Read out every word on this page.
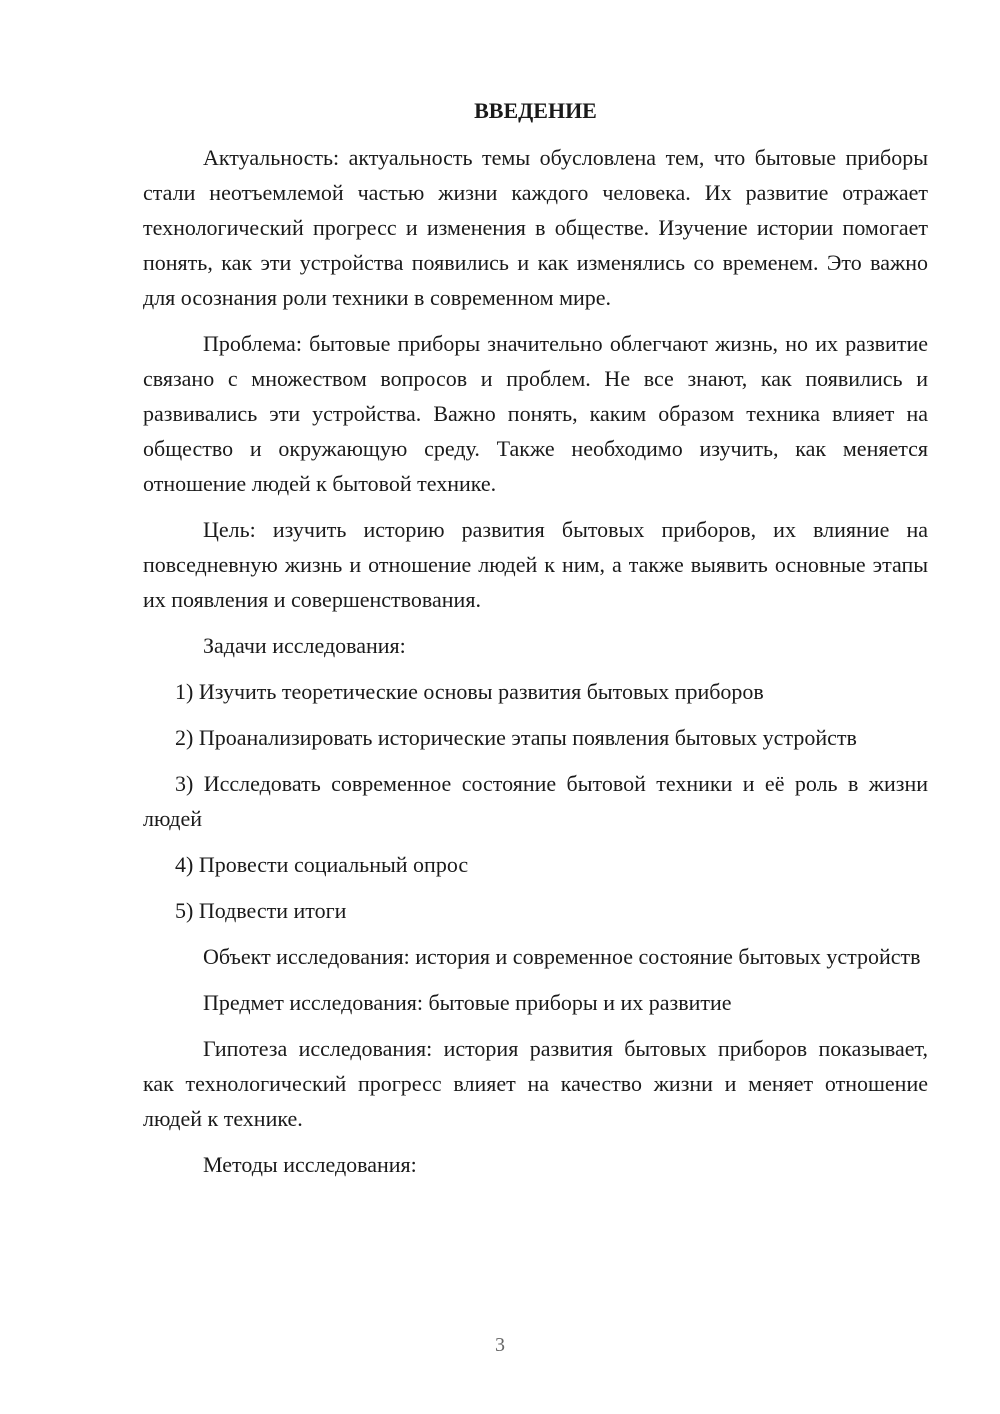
ВВЕДЕНИЕ

Актуальность: актуальность темы обусловлена тем, что бытовые приборы стали неотъемлемой частью жизни каждого человека. Их развитие отражает технологический прогресс и изменения в обществе. Изучение истории помогает понять, как эти устройства появились и как изменялись со временем. Это важно для осознания роли техники в современном мире.

Проблема: бытовые приборы значительно облегчают жизнь, но их развитие связано с множеством вопросов и проблем. Не все знают, как появились и развивались эти устройства. Важно понять, каким образом техника влияет на общество и окружающую среду. Также необходимо изучить, как меняется отношение людей к бытовой технике.

Цель: изучить историю развития бытовых приборов, их влияние на повседневную жизнь и отношение людей к ним, а также выявить основные этапы их появления и совершенствования.

Задачи исследования:

1) Изучить теоретические основы развития бытовых приборов

2) Проанализировать исторические этапы появления бытовых устройств

3) Исследовать современное состояние бытовой техники и её роль в жизни людей

4) Провести социальный опрос

5) Подвести итоги

Объект исследования: история и современное состояние бытовых устройств

Предмет исследования: бытовые приборы и их развитие

Гипотеза исследования: история развития бытовых приборов показывает, как технологический прогресс влияет на качество жизни и меняет отношение людей к технике.

Методы исследования:

3
